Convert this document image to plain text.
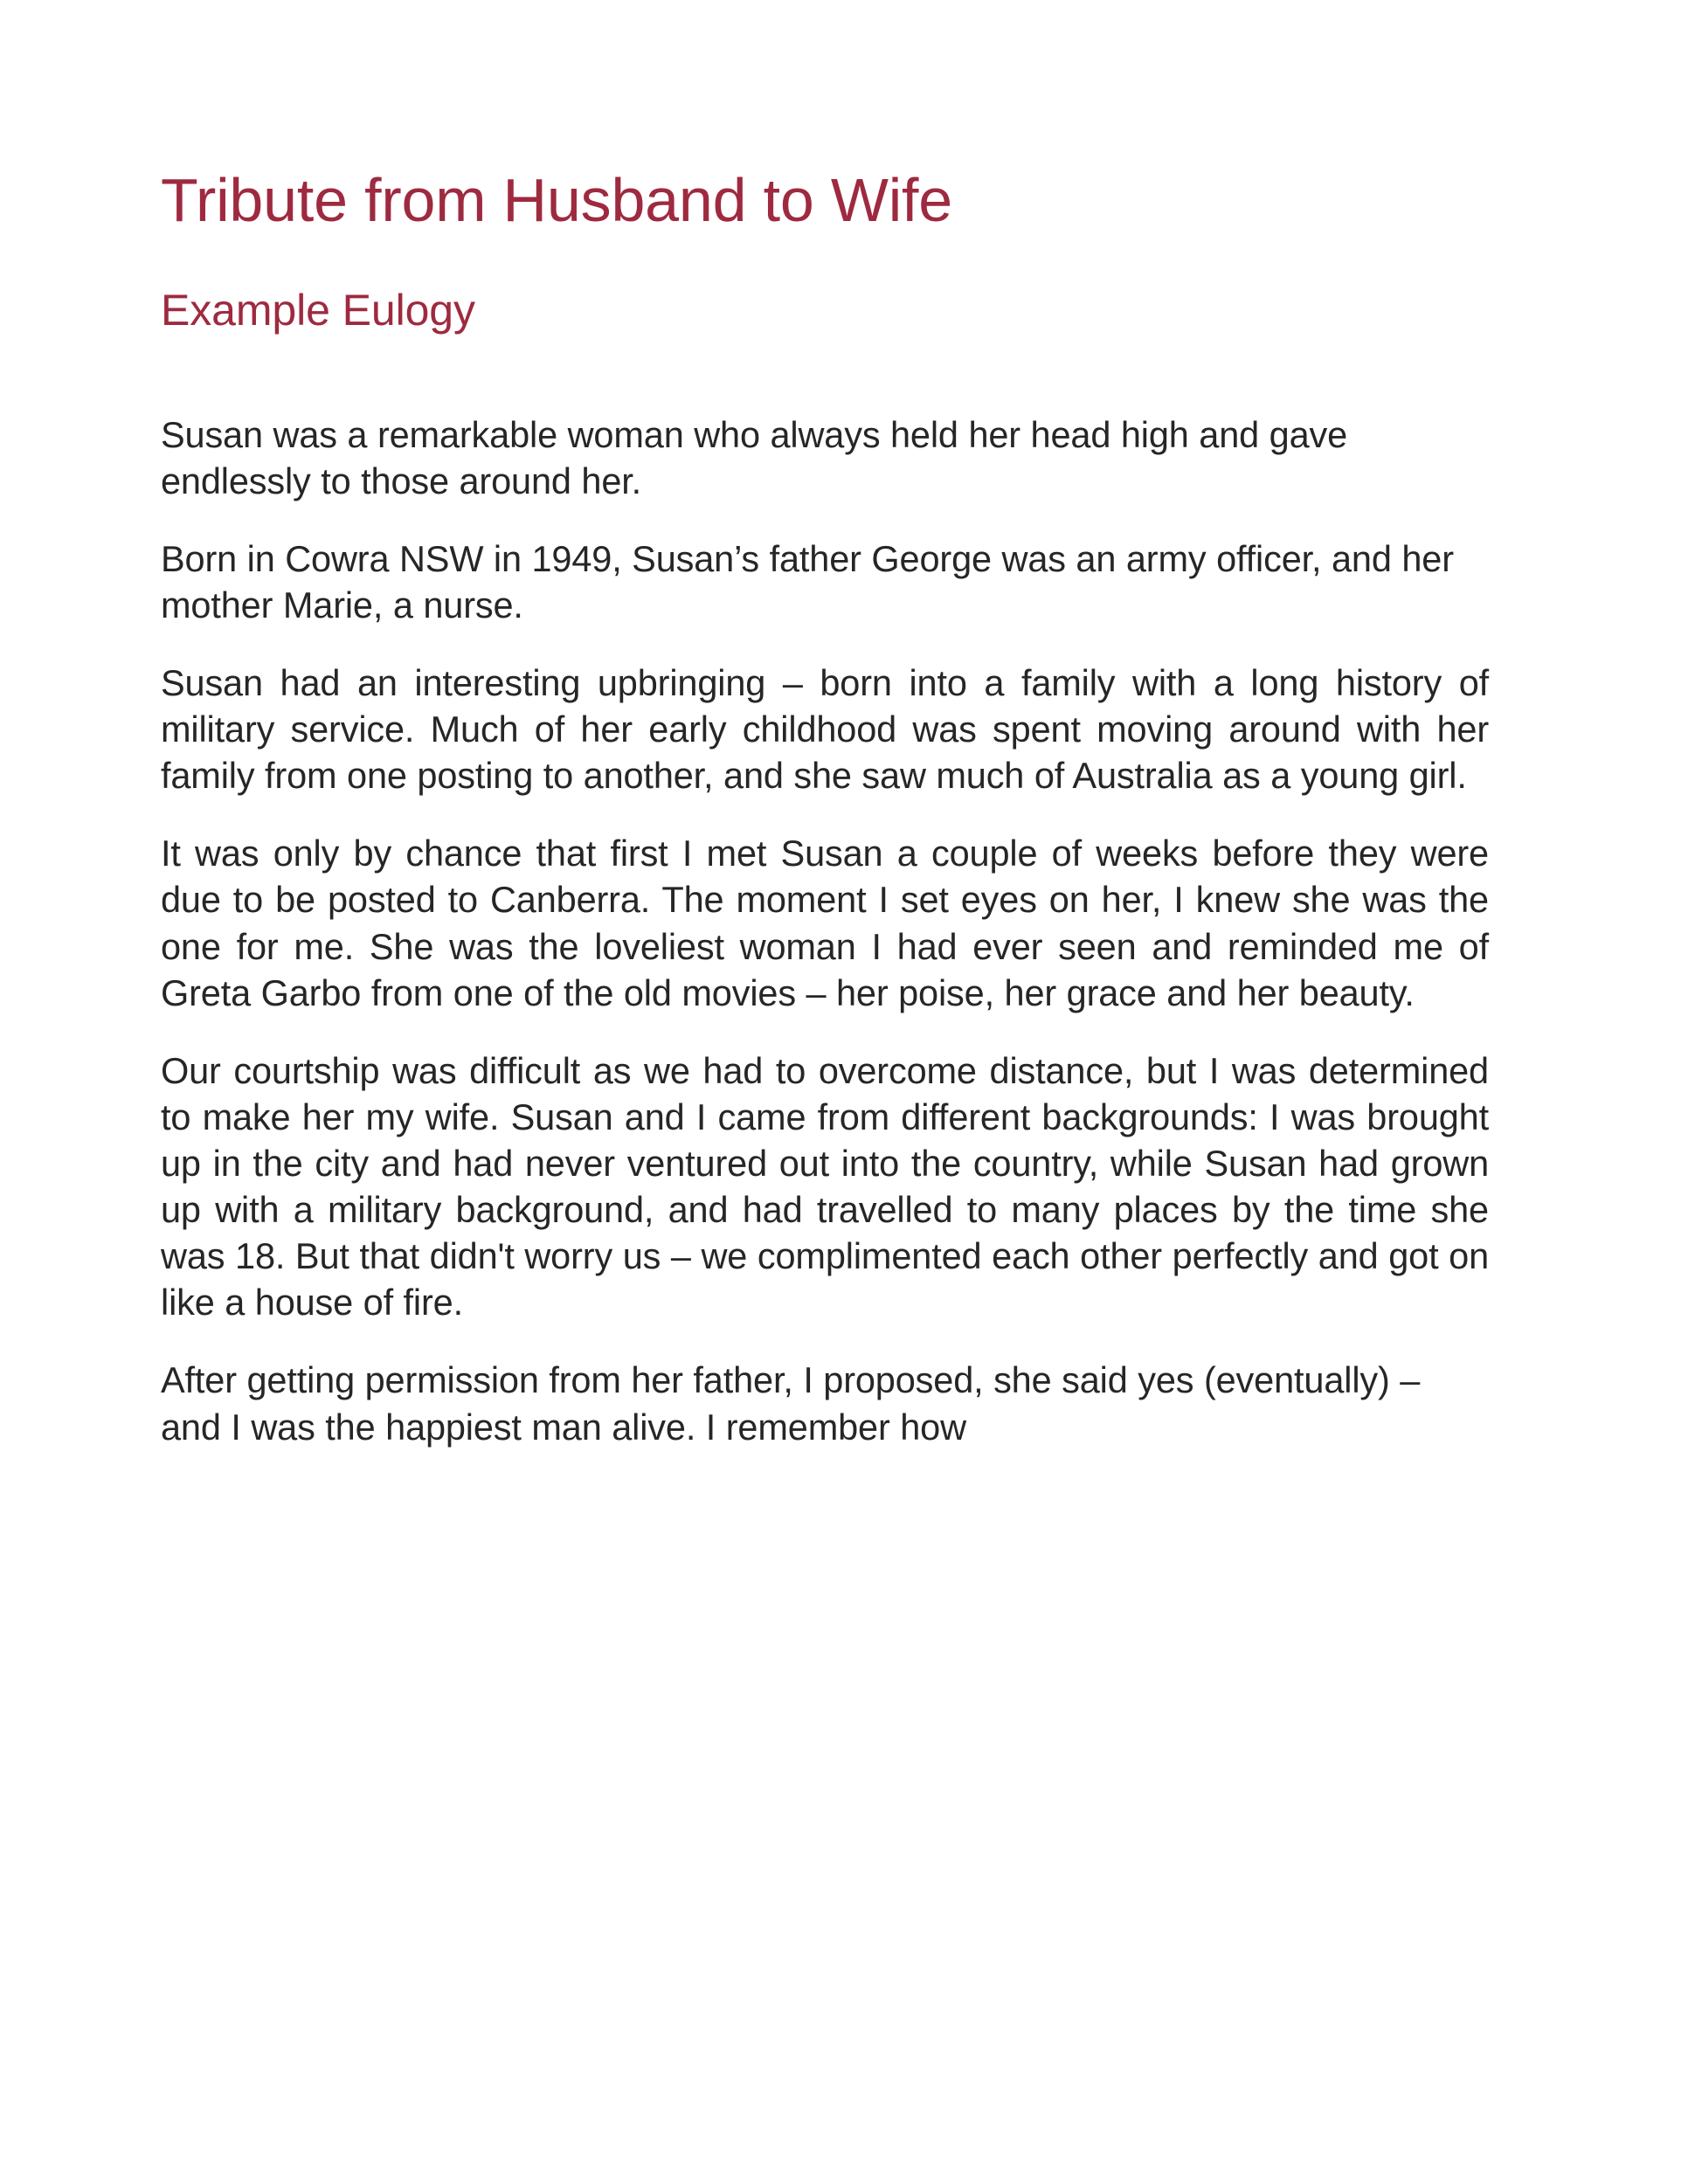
Tribute from Husband to Wife
Example Eulogy

Susan was a remarkable woman who always held her head high and gave endlessly to those around her.

Born in Cowra NSW in 1949, Susan’s father George was an army officer, and her mother Marie, a nurse.

Susan had an interesting upbringing – born into a family with a long history of military service. Much of her early childhood was spent moving around with her family from one posting to another, and she saw much of Australia as a young girl.

It was only by chance that first I met Susan a couple of weeks before they were due to be posted to Canberra. The moment I set eyes on her, I knew she was the one for me. She was the loveliest woman I had ever seen and reminded me of Greta Garbo from one of the old movies – her poise, her grace and her beauty.

Our courtship was difficult as we had to overcome distance, but I was determined to make her my wife. Susan and I came from different backgrounds: I was brought up in the city and had never ventured out into the country, while Susan had grown up with a military background, and had travelled to many places by the time she was 18. But that didn't worry us – we complimented each other perfectly and got on like a house of fire.

After getting permission from her father, I proposed, she said yes (eventually) – and I was the happiest man alive. I remember how
